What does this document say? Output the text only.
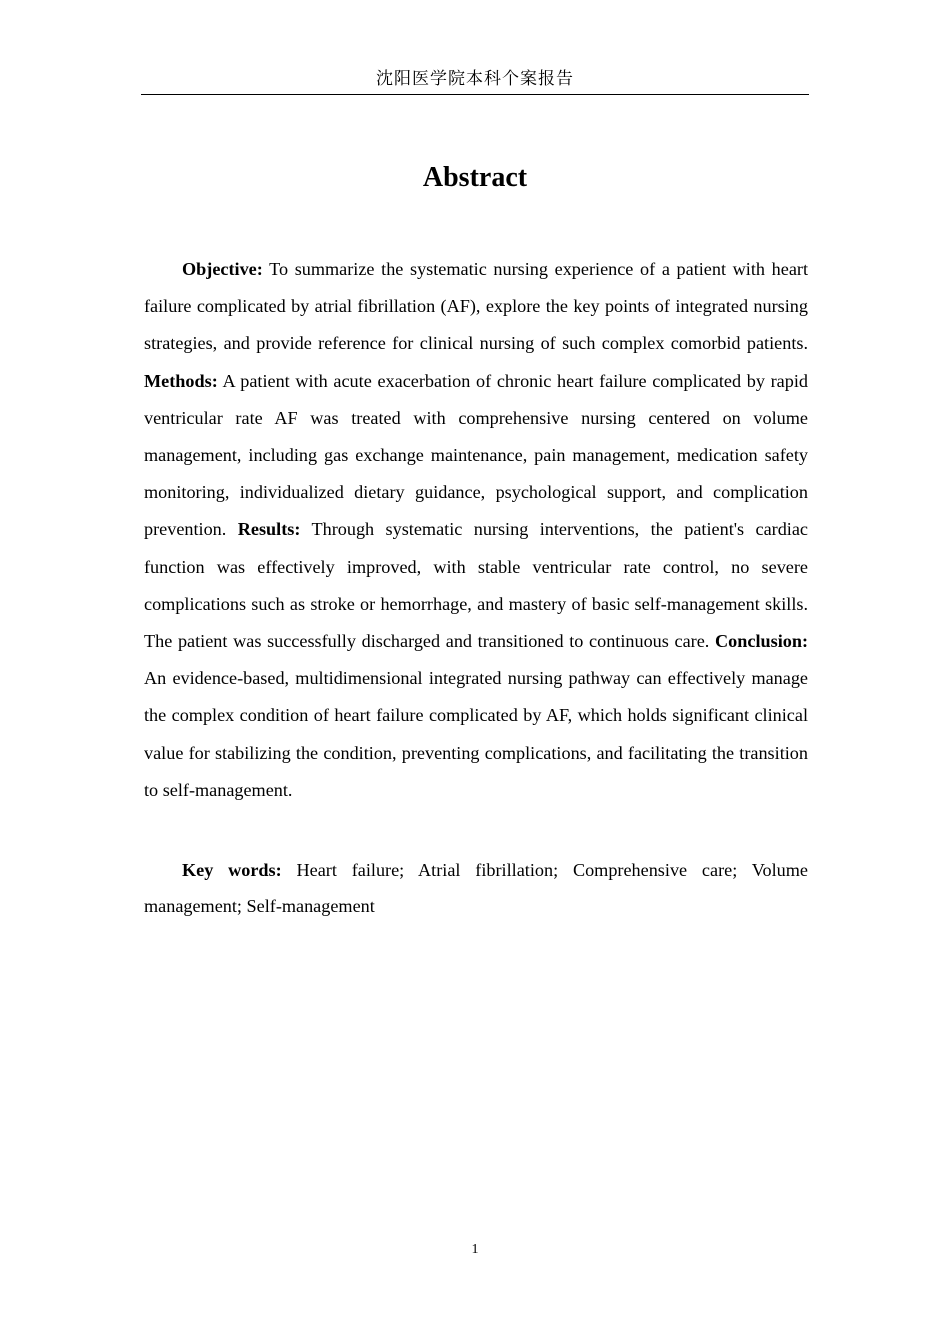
沈阳医学院本科个案报告
Abstract

Objective: To summarize the systematic nursing experience of a patient with heart failure complicated by atrial fibrillation (AF), explore the key points of integrated nursing strategies, and provide reference for clinical nursing of such complex comorbid patients. Methods: A patient with acute exacerbation of chronic heart failure complicated by rapid ventricular rate AF was treated with comprehensive nursing centered on volume management, including gas exchange maintenance, pain management, medication safety monitoring, individualized dietary guidance, psychological support, and complication prevention. Results: Through systematic nursing interventions, the patient's cardiac function was effectively improved, with stable ventricular rate control, no severe complications such as stroke or hemorrhage, and mastery of basic self-management skills. The patient was successfully discharged and transitioned to continuous care. Conclusion: An evidence-based, multidimensional integrated nursing pathway can effectively manage the complex condition of heart failure complicated by AF, which holds significant clinical value for stabilizing the condition, preventing complications, and facilitating the transition to self-management.

Key words: Heart failure; Atrial fibrillation; Comprehensive care; Volume management; Self-management

1
